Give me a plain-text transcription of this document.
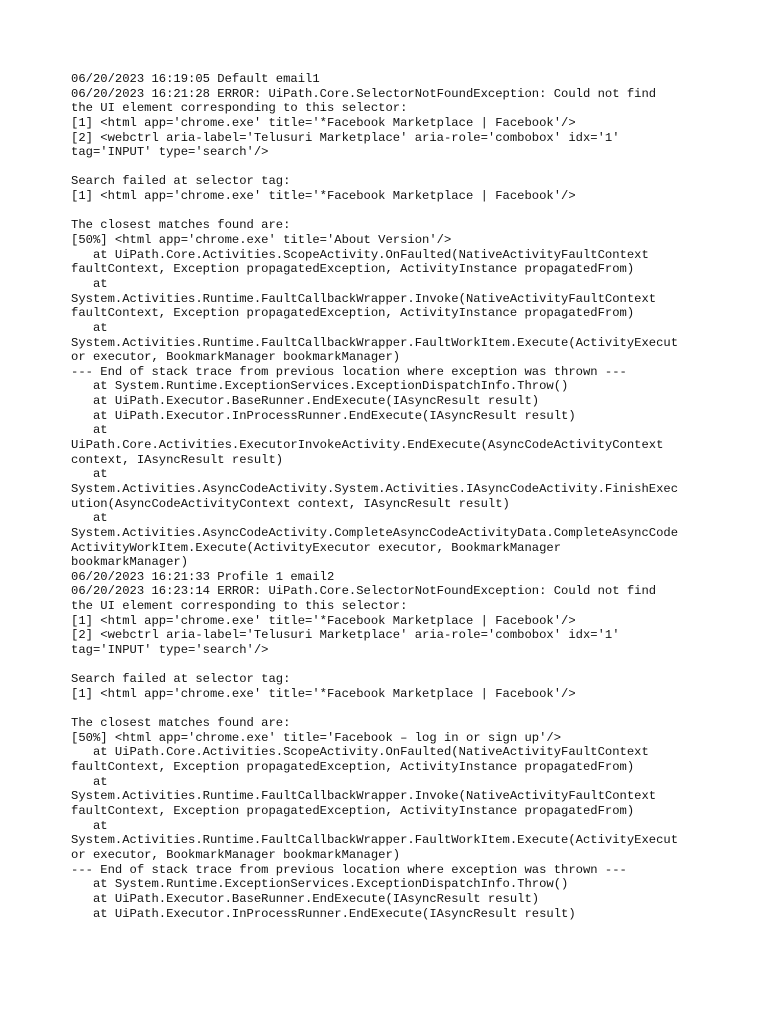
06/20/2023 16:19:05 Default email1
06/20/2023 16:21:28 ERROR: UiPath.Core.SelectorNotFoundException: Could not find
the UI element corresponding to this selector:
[1] <html app='chrome.exe' title='*Facebook Marketplace | Facebook'/>
[2] <webctrl aria-label='Telusuri Marketplace' aria-role='combobox' idx='1'
tag='INPUT' type='search'/>
Search failed at selector tag:
[1] <html app='chrome.exe' title='*Facebook Marketplace | Facebook'/>
The closest matches found are:
[50%] <html app='chrome.exe' title='About Version'/>
at UiPath.Core.Activities.ScopeActivity.OnFaulted(NativeActivityFaultContext
faultContext, Exception propagatedException, ActivityInstance propagatedFrom)
at
System.Activities.Runtime.FaultCallbackWrapper.Invoke(NativeActivityFaultContext
faultContext, Exception propagatedException, ActivityInstance propagatedFrom)
at
System.Activities.Runtime.FaultCallbackWrapper.FaultWorkItem.Execute(ActivityExecut
or executor, BookmarkManager bookmarkManager)
--- End of stack trace from previous location where exception was thrown ---
at System.Runtime.ExceptionServices.ExceptionDispatchInfo.Throw()
at UiPath.Executor.BaseRunner.EndExecute(IAsyncResult result)
at UiPath.Executor.InProcessRunner.EndExecute(IAsyncResult result)
at
UiPath.Core.Activities.ExecutorInvokeActivity.EndExecute(AsyncCodeActivityContext
context, IAsyncResult result)
at
System.Activities.AsyncCodeActivity.System.Activities.IAsyncCodeActivity.FinishExec
ution(AsyncCodeActivityContext context, IAsyncResult result)
at
System.Activities.AsyncCodeActivity.CompleteAsyncCodeActivityData.CompleteAsyncCode
ActivityWorkItem.Execute(ActivityExecutor executor, BookmarkManager
bookmarkManager)
06/20/2023 16:21:33 Profile 1 email2
06/20/2023 16:23:14 ERROR: UiPath.Core.SelectorNotFoundException: Could not find
the UI element corresponding to this selector:
[1] <html app='chrome.exe' title='*Facebook Marketplace | Facebook'/>
[2] <webctrl aria-label='Telusuri Marketplace' aria-role='combobox' idx='1'
tag='INPUT' type='search'/>
Search failed at selector tag:
[1] <html app='chrome.exe' title='*Facebook Marketplace | Facebook'/>
The closest matches found are:
[50%] <html app='chrome.exe' title='Facebook – log in or sign up'/>
at UiPath.Core.Activities.ScopeActivity.OnFaulted(NativeActivityFaultContext
faultContext, Exception propagatedException, ActivityInstance propagatedFrom)
at
System.Activities.Runtime.FaultCallbackWrapper.Invoke(NativeActivityFaultContext
faultContext, Exception propagatedException, ActivityInstance propagatedFrom)
at
System.Activities.Runtime.FaultCallbackWrapper.FaultWorkItem.Execute(ActivityExecut
or executor, BookmarkManager bookmarkManager)
--- End of stack trace from previous location where exception was thrown ---
at System.Runtime.ExceptionServices.ExceptionDispatchInfo.Throw()
at UiPath.Executor.BaseRunner.EndExecute(IAsyncResult result)
at UiPath.Executor.InProcessRunner.EndExecute(IAsyncResult result)
